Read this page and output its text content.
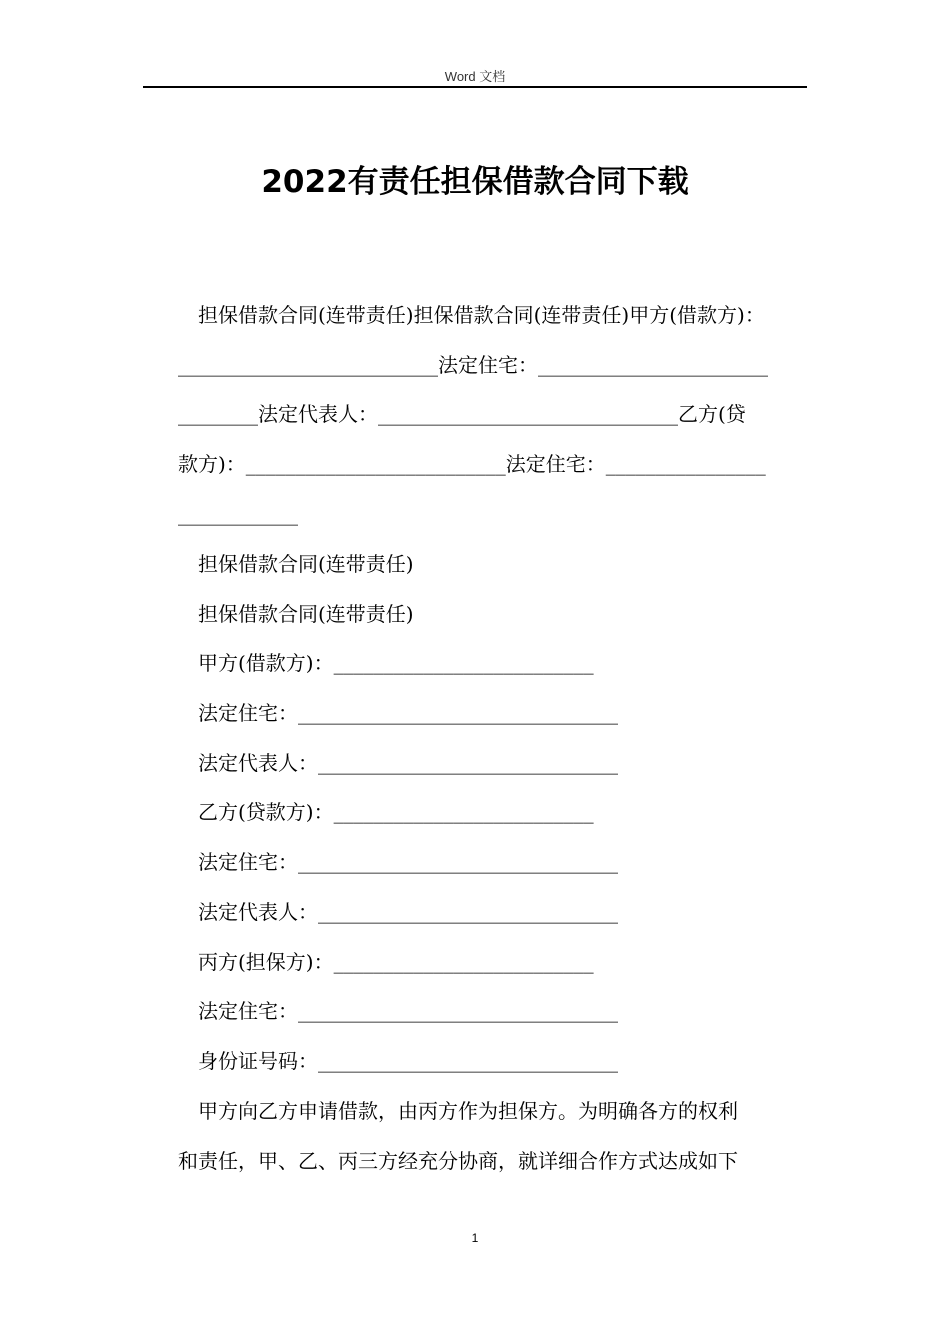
Word 文档
2022有责任担保借款合同下载
担保借款合同(连带责任)担保借款合同(连带责任)甲方(借款方)：
__________________________法定住宅：_______________________
________法定代表人：______________________________乙方(贷
款方)：__________________________法定住宅：________________
____________
担保借款合同(连带责任)
担保借款合同(连带责任)
甲方(借款方)：__________________________
法定住宅：________________________________
法定代表人：______________________________
乙方(贷款方)：__________________________
法定住宅：________________________________
法定代表人：______________________________
丙方(担保方)：__________________________
法定住宅：________________________________
身份证号码：______________________________
甲方向乙方申请借款，由丙方作为担保方。为明确各方的权利
和责任，甲、乙、丙三方经充分协商，就详细合作方式达成如下
1
